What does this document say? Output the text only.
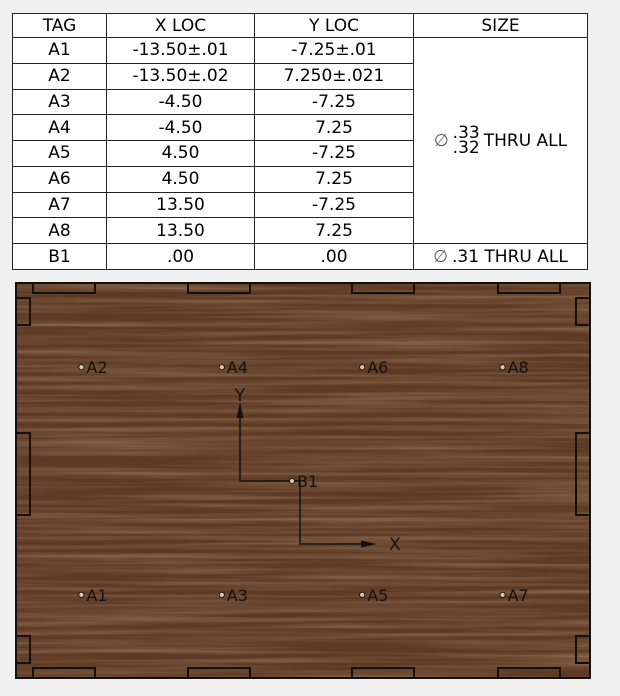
TAG	X LOC	Y LOC	SIZE
A1	-13.50±.01	-7.25±.01	∅ .33
.32 THRU ALL
A2	-13.50±.02	7.250±.021	
A3	-4.50	-7.25	
A4	-4.50	7.25	
A5	4.50	-7.25	
A6	4.50	7.25	
A7	13.50	-7.25	
A8	13.50	7.25	
B1	.00	.00	∅ .31 THRU ALL
Y
X
A1
A2
A3
A4
A5
A6
A7
A8
B1
